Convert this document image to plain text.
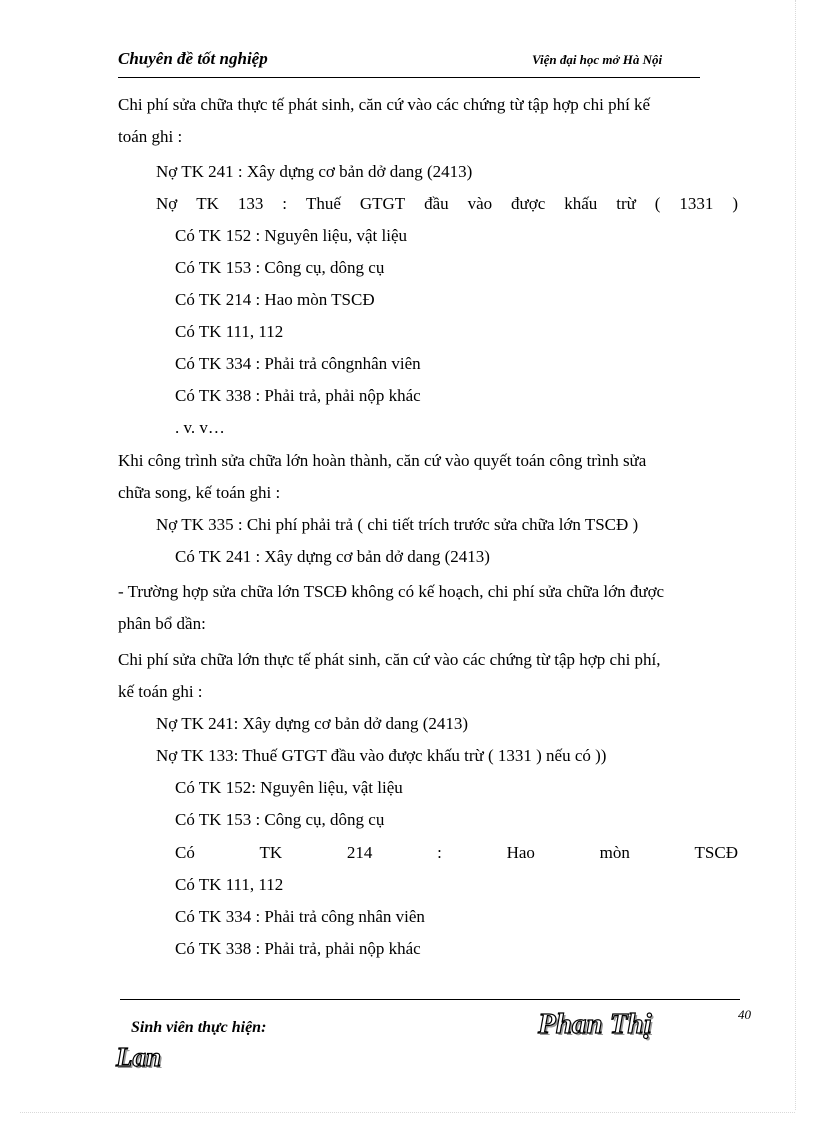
Chuyên đề tốt nghiệp	Viện đại học mở Hà Nội
Chi phí sửa chữa thực tế phát sinh, căn cứ vào các chứng từ tập hợp chi phí kế
toán ghi :
Nợ TK 241 : Xây dựng cơ bản dở dang (2413)
Nợ TK 133 : Thuế GTGT đầu vào được khấu trừ ( 1331 )
Có TK 152 : Nguyên liệu, vật liệu
Có TK 153 : Công cụ, dông cụ
Có TK 214 : Hao mòn TSCĐ
Có TK 111, 112
Có TK 334 : Phải trả côngnhân viên
Có TK 338 : Phải trả, phải nộp khác
. v. v…
Khi công trình sửa chữa lớn hoàn thành, căn cứ vào quyết toán công trình sửa
chữa song, kế toán ghi :
Nợ TK 335 : Chi phí phải trả ( chi tiết trích trước sửa chữa lớn TSCĐ )
Có TK 241 : Xây dựng cơ bản dở dang (2413)
- Trường hợp sửa chữa lớn TSCĐ không có kế hoạch, chi phí sửa chữa lớn được
phân bổ dần:
Chi phí sửa chữa lớn thực tế phát sinh, căn cứ vào các chứng từ tập hợp chi phí,
kế toán ghi :
Nợ TK 241: Xây dựng cơ bản dở dang (2413)
Nợ TK 133: Thuế GTGT đầu vào được khấu trừ ( 1331 ) nếu có ))
Có TK 152: Nguyên liệu, vật liệu
Có TK 153 : Công cụ, dông cụ
Có	TK	214	:	Hao	mòn	TSCĐ
Có TK 111, 112
Có TK 334 : Phải trả công nhân viên
Có TK 338 : Phải trả, phải nộp khác
40
Sinh viên thực hiện:	Phan Thị
Lan
